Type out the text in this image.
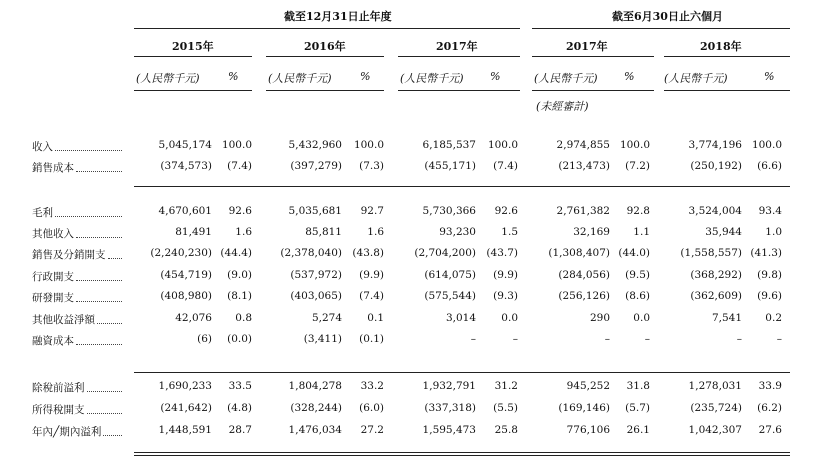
截至12月31日止年度	截至6月30日止六個月
2015年	2016年	2017年	2017年	2018年
(人民幣千元)	%	(人民幣千元)	%	(人民幣千元) %	(人民幣千元) %	(人民幣千元)	%
(未經審計)
收入	5,045,174 100.0	5,432,960 100.0	6,185,537 100.0	2,974,855 100.0	3,774,196 100.0
銷售成本	(374,573) (7.4)	(397,279) (7.3)	(455,171) (7.4)	(213,473) (7.2)	(250,192) (6.6)
毛利	4,670,601 92.6	5,035,681 92.7	5,730,366 92.6	2,761,382 92.8	3,524,004 93.4
其他收入	81,491 1.6	85,811 1.6	93,230 1.5	32,169 1.1	35,944 1.0
銷售及分銷開支	(2,240,230) (44.4)	(2,378,040) (43.8)	(2,704,200) (43.7)	(1,308,407) (44.0)	(1,558,557) (41.3)
行政開支	(454,719) (9.0)	(537,972) (9.9)	(614,075) (9.9)	(284,056) (9.5)	(368,292) (9.8)
研發開支	(408,980) (8.1)	(403,065) (7.4)	(575,544) (9.3)	(256,126) (8.6)	(362,609) (9.6)
其他收益淨額	42,076 0.8	5,274 0.1	3,014 0.0	290 0.0	7,541 0.2
融資成本	(6) (0.0)	(3,411) (0.1)	–	–	–	–	–	–
除稅前溢利	1,690,233 33.5	1,804,278 33.2	1,932,791 31.2	945,252 31.8	1,278,031 33.9
所得稅開支	(241,642) (4.8)	(328,244) (6.0)	(337,318) (5.5)	(169,146) (5.7)	(235,724) (6.2)
年內╱期內溢利	1,448,591 28.7	1,476,034 27.2	1,595,473 25.8	776,106 26.1	1,042,307 27.6
